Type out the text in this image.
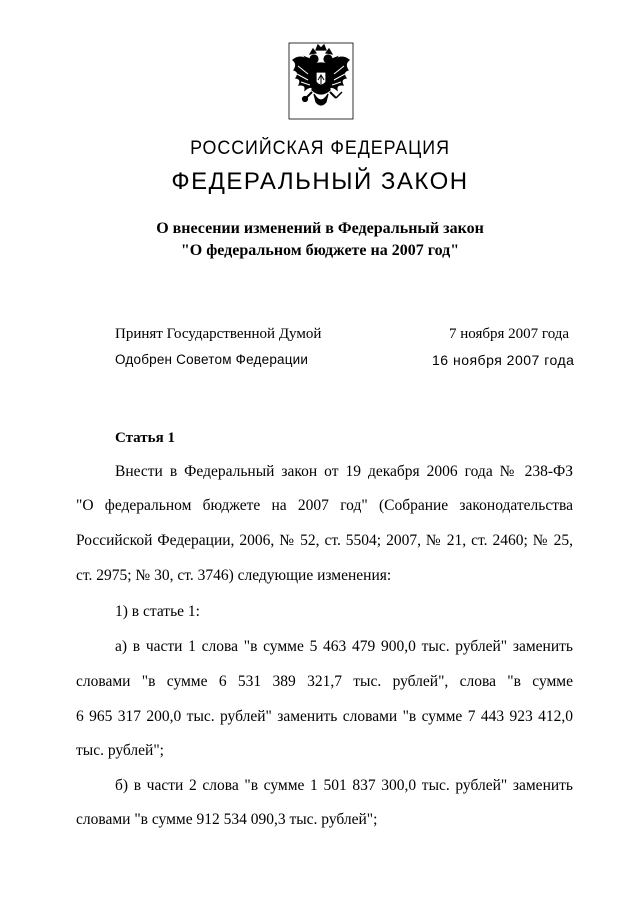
РОССИЙСКАЯ ФЕДЕРАЦИЯ
ФЕДЕРАЛЬНЫЙ ЗАКОН
О внесении изменений в Федеральный закон
"О федеральном бюджете на 2007 год"
Принят Государственной Думой	7 ноября 2007 года
Одобрен Советом Федерации	16 ноября 2007 года
Статья 1
Внести в Федеральный закон от 19 декабря 2006 года № 238-ФЗ
"О федеральном бюджете на 2007 год" (Собрание законодательства
Российской Федерации, 2006, № 52, ст. 5504; 2007, № 21, ст. 2460; № 25,
ст. 2975; № 30, ст. 3746) следующие изменения:
1) в статье 1:
а) в части 1 слова "в сумме 5 463 479 900,0 тыс. рублей" заменить
словами "в сумме 6 531 389 321,7 тыс. рублей", слова "в сумме
6 965 317 200,0 тыс. рублей" заменить словами "в сумме 7 443 923 412,0
тыс. рублей";
б) в части 2 слова "в сумме 1 501 837 300,0 тыс. рублей" заменить
словами "в сумме 912 534 090,3 тыс. рублей";
